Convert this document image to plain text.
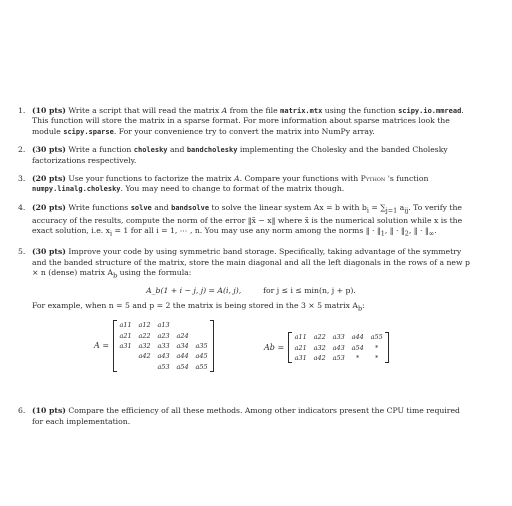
1. (10 pts) Write a script that will read the matrix A from the file matrix.mtx using the function scipy.io.mmread. This function will store the matrix in a sparse format. For more information about sparse matrices look the module scipy.sparse. For your convenience try to convert the matrix into NumPy array.
2. (30 pts) Write a function cholesky and bandcholesky implementing the Cholesky and the banded Cholesky factorizations respectively.
3. (20 pts) Use your functions to factorize the matrix A. Compare your functions with Python 's function numpy.linalg.cholesky. You may need to change to format of the matrix though.
4. (20 pts) Write functions solve and bandsolve to solve the linear system Ax = b with $b_i = \sum_{j=1}$ $a_{ij}$. To verify the accuracy of the results, compute the norm of the error ‖x̃ − x‖ where x̃ is the numerical solution while x is the exact solution, i.e. $x_i = 1$ for all i = 1, ⋯ , n. You may use any norm among the norms ‖ · $‖_1$, ‖ · $‖_2$, ‖ · $‖_\infty$.
5. (30 pts) Improve your code by using symmetric band storage. Specifically, taking advantage of the symmetry and the banded structure of the matrix, store the main diagonal and all the left diagonals in the rows of a new p × n (dense) matrix $A_b$ using the formula:
A_b(1 + i − j, j) = A(i, j),	for j ≤ i ≤ min(n, j + p).
For example, when n = 5 and p = 2 the matrix is being stored in the 3 × 5 matrix $A_b$:
A =
a11	a12	a13		
a21	a22	a23	a24	
a31	a32	a33	a34	a35
	a42	a43	a44	a45
		a53	a54	a55
Ab =
a11	a22	a33	a44	a55
a21	a32	a43	a54	*
a31	a42	a53	*	*
6. (10 pts) Compare the efficiency of all these methods. Among other indicators present the CPU time required for each implementation.
